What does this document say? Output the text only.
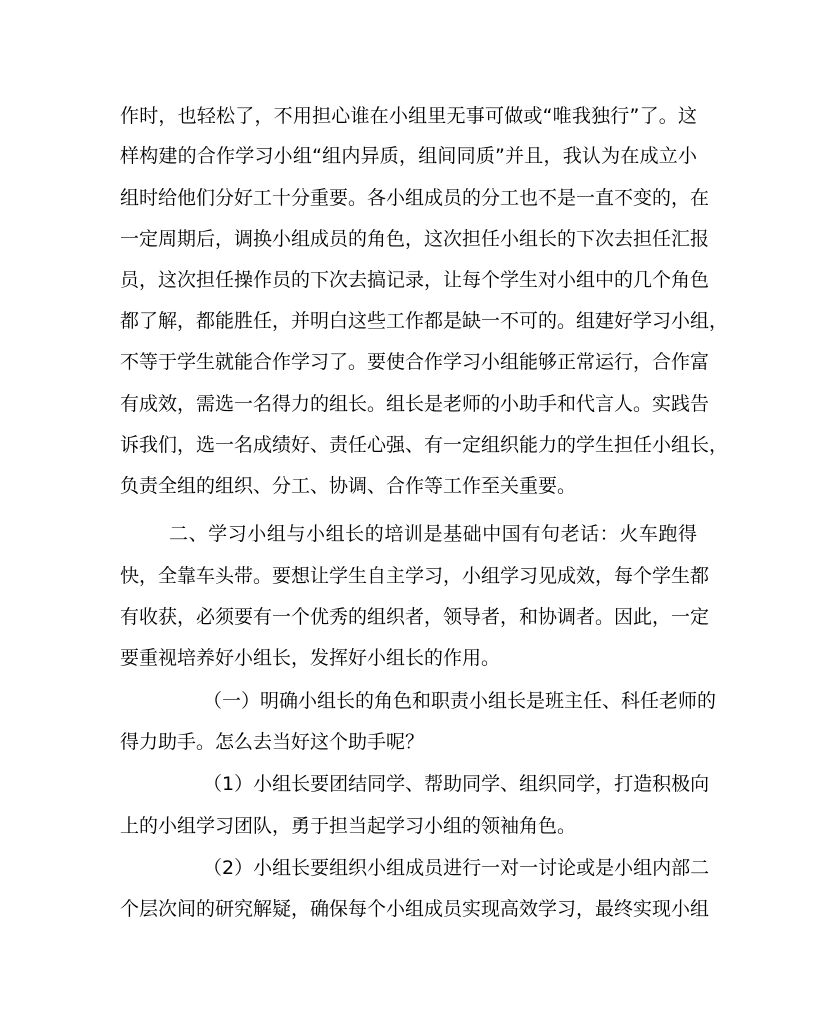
作时，也轻松了，不用担心谁在小组里无事可做或“唯我独行”了。这
样构建的合作学习小组“组内异质，组间同质”并且，我认为在成立小
组时给他们分好工十分重要。各小组成员的分工也不是一直不变的，在
一定周期后，调换小组成员的角色，这次担任小组长的下次去担任汇报
员，这次担任操作员的下次去搞记录，让每个学生对小组中的几个角色
都了解，都能胜任，并明白这些工作都是缺一不可的。组建好学习小组，
不等于学生就能合作学习了。要使合作学习小组能够正常运行，合作富
有成效，需选一名得力的组长。组长是老师的小助手和代言人。实践告
诉我们，选一名成绩好、责任心强、有一定组织能力的学生担任小组长，
负责全组的组织、分工、协调、合作等工作至关重要。
二、学习小组与小组长的培训是基础中国有句老话：火车跑得
快，全靠车头带。要想让学生自主学习，小组学习见成效，每个学生都
有收获，必须要有一个优秀的组织者，领导者，和协调者。因此，一定
要重视培养好小组长，发挥好小组长的作用。
（一）明确小组长的角色和职责小组长是班主任、科任老师的
得力助手。怎么去当好这个助手呢？
（1）小组长要团结同学、帮助同学、组织同学，打造积极向
上的小组学习团队，勇于担当起学习小组的领袖角色。
（2）小组长要组织小组成员进行一对一讨论或是小组内部二
个层次间的研究解疑，确保每个小组成员实现高效学习，最终实现小组
